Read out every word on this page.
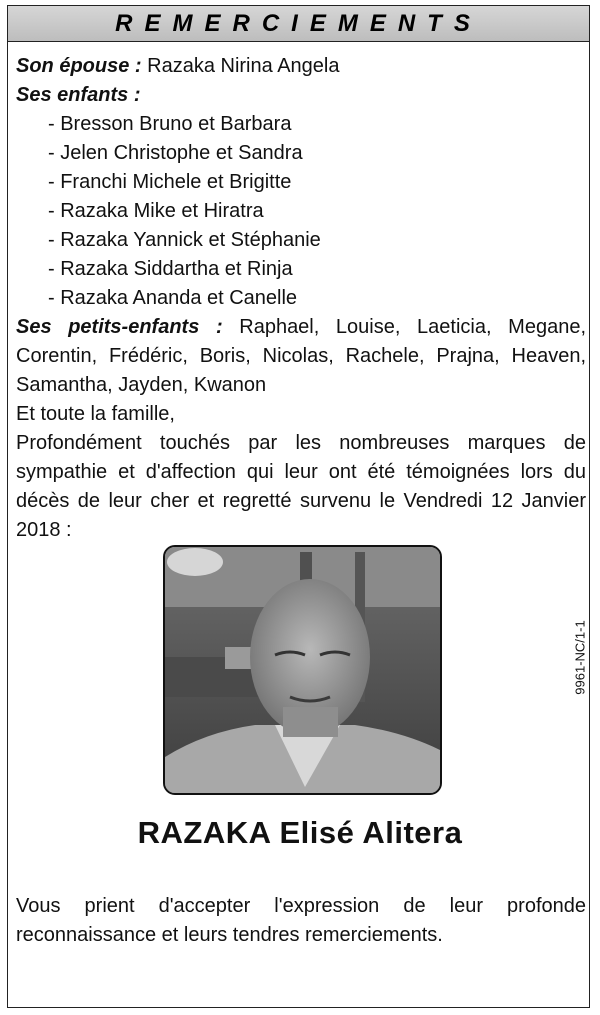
REMERCIEMENTS
Son épouse : Razaka Nirina Angela
Ses enfants :
- Bresson Bruno et Barbara
- Jelen Christophe et Sandra
- Franchi Michele et Brigitte
- Razaka Mike et Hiratra
- Razaka Yannick et Stéphanie
- Razaka Siddartha et Rinja
- Razaka Ananda et Canelle
Ses petits-enfants : Raphael, Louise, Laeticia, Megane, Corentin, Frédéric, Boris, Nicolas, Rachele, Prajna, Heaven, Samantha, Jayden, Kwanon
Et toute la famille,
Profondément touchés par les nombreuses marques de sympathie et d'affection qui leur ont été témoignées lors du décès de leur cher et regretté survenu le Vendredi 12 Janvier 2018 :
9961-NC/1-1
RAZAKA Elisé Alitera
Vous prient d'accepter l'expression de leur profonde reconnaissance et leurs tendres remerciements.
